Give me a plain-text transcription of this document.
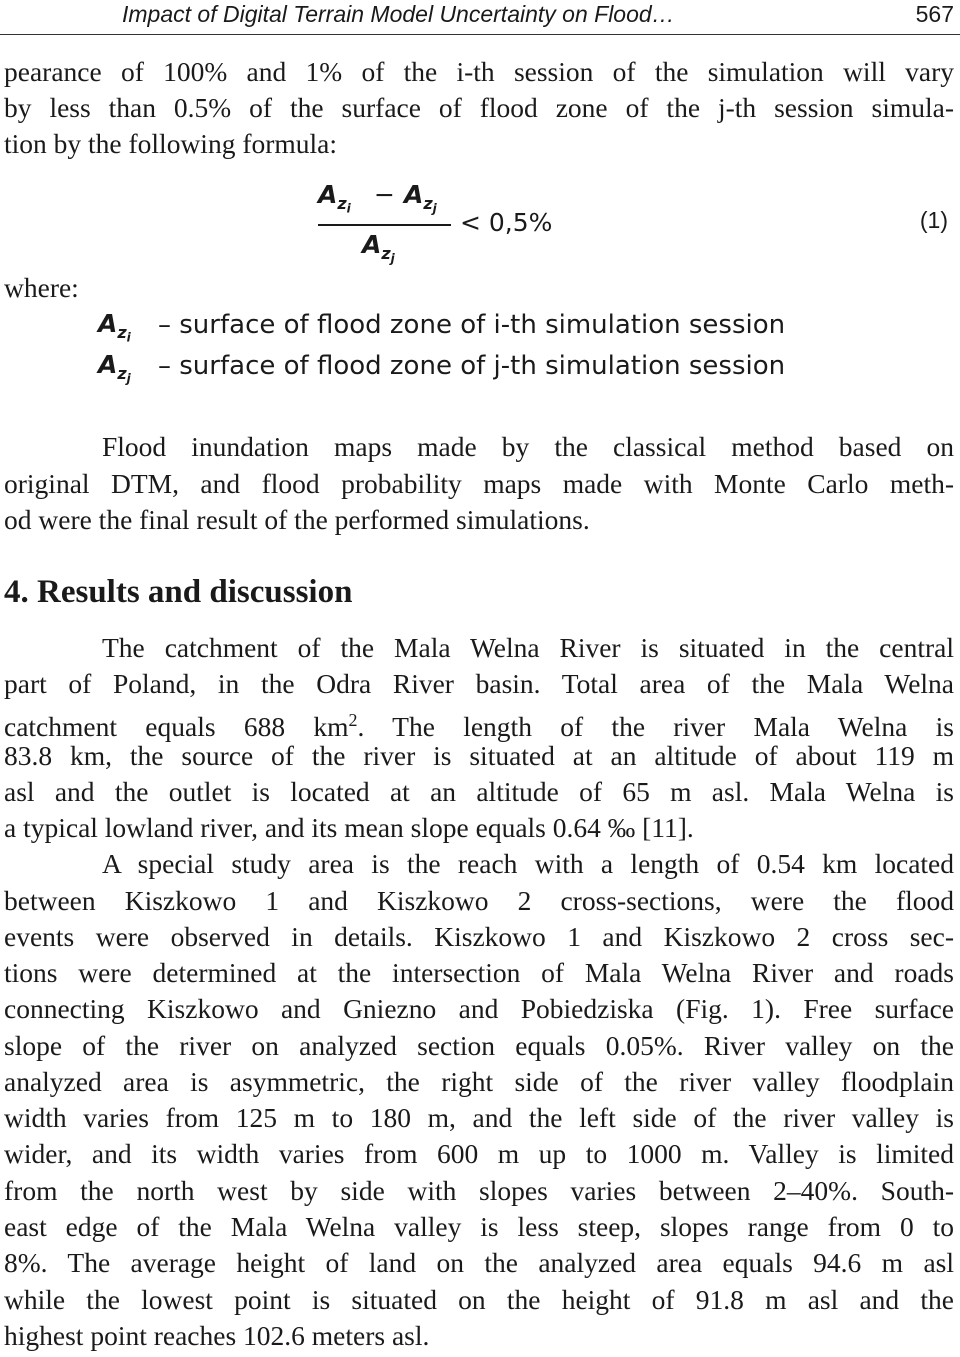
Impact of Digital Terrain Model Uncertainty on Flood…	567
pearance of 100% and 1% of the i-th session of the simulation will vary
by less than 0.5% of the surface of flood zone of the j-th session simula-
tion by the following formula:
$A_{z_i} - A_{z_j}$
$A_{z_j}$
< 0,5%	(1)
where:
$A_{z_i}$ – surface of flood zone of i-th simulation session
$A_{z_j}$ – surface of flood zone of j-th simulation session
Flood inundation maps made by the classical method based on
original DTM, and flood probability maps made with Monte Carlo meth-
od were the final result of the performed simulations.
4. Results and discussion
The catchment of the Mala Welna River is situated in the central
part of Poland, in the Odra River basin. Total area of the Mala Welna
catchment equals 688 $km^2$. The length of the river Mala Welna is
83.8 km, the source of the river is situated at an altitude of about 119 m
asl and the outlet is located at an altitude of 65 m asl. Mala Welna is
a typical lowland river, and its mean slope equals 0.64 ‰ [11].
A special study area is the reach with a length of 0.54 km located
between Kiszkowo 1 and Kiszkowo 2 cross-sections, were the flood
events were observed in details. Kiszkowo 1 and Kiszkowo 2 cross sec-
tions were determined at the intersection of Mala Welna River and roads
connecting Kiszkowo and Gniezno and Pobiedziska (Fig. 1). Free surface
slope of the river on analyzed section equals 0.05%. River valley on the
analyzed area is asymmetric, the right side of the river valley floodplain
width varies from 125 m to 180 m, and the left side of the river valley is
wider, and its width varies from 600 m up to 1000 m. Valley is limited
from the north west by side with slopes varies between 2–40%. South-
east edge of the Mala Welna valley is less steep, slopes range from 0 to
8%. The average height of land on the analyzed area equals 94.6 m asl
while the lowest point is situated on the height of 91.8 m asl and the
highest point reaches 102.6 meters asl.
